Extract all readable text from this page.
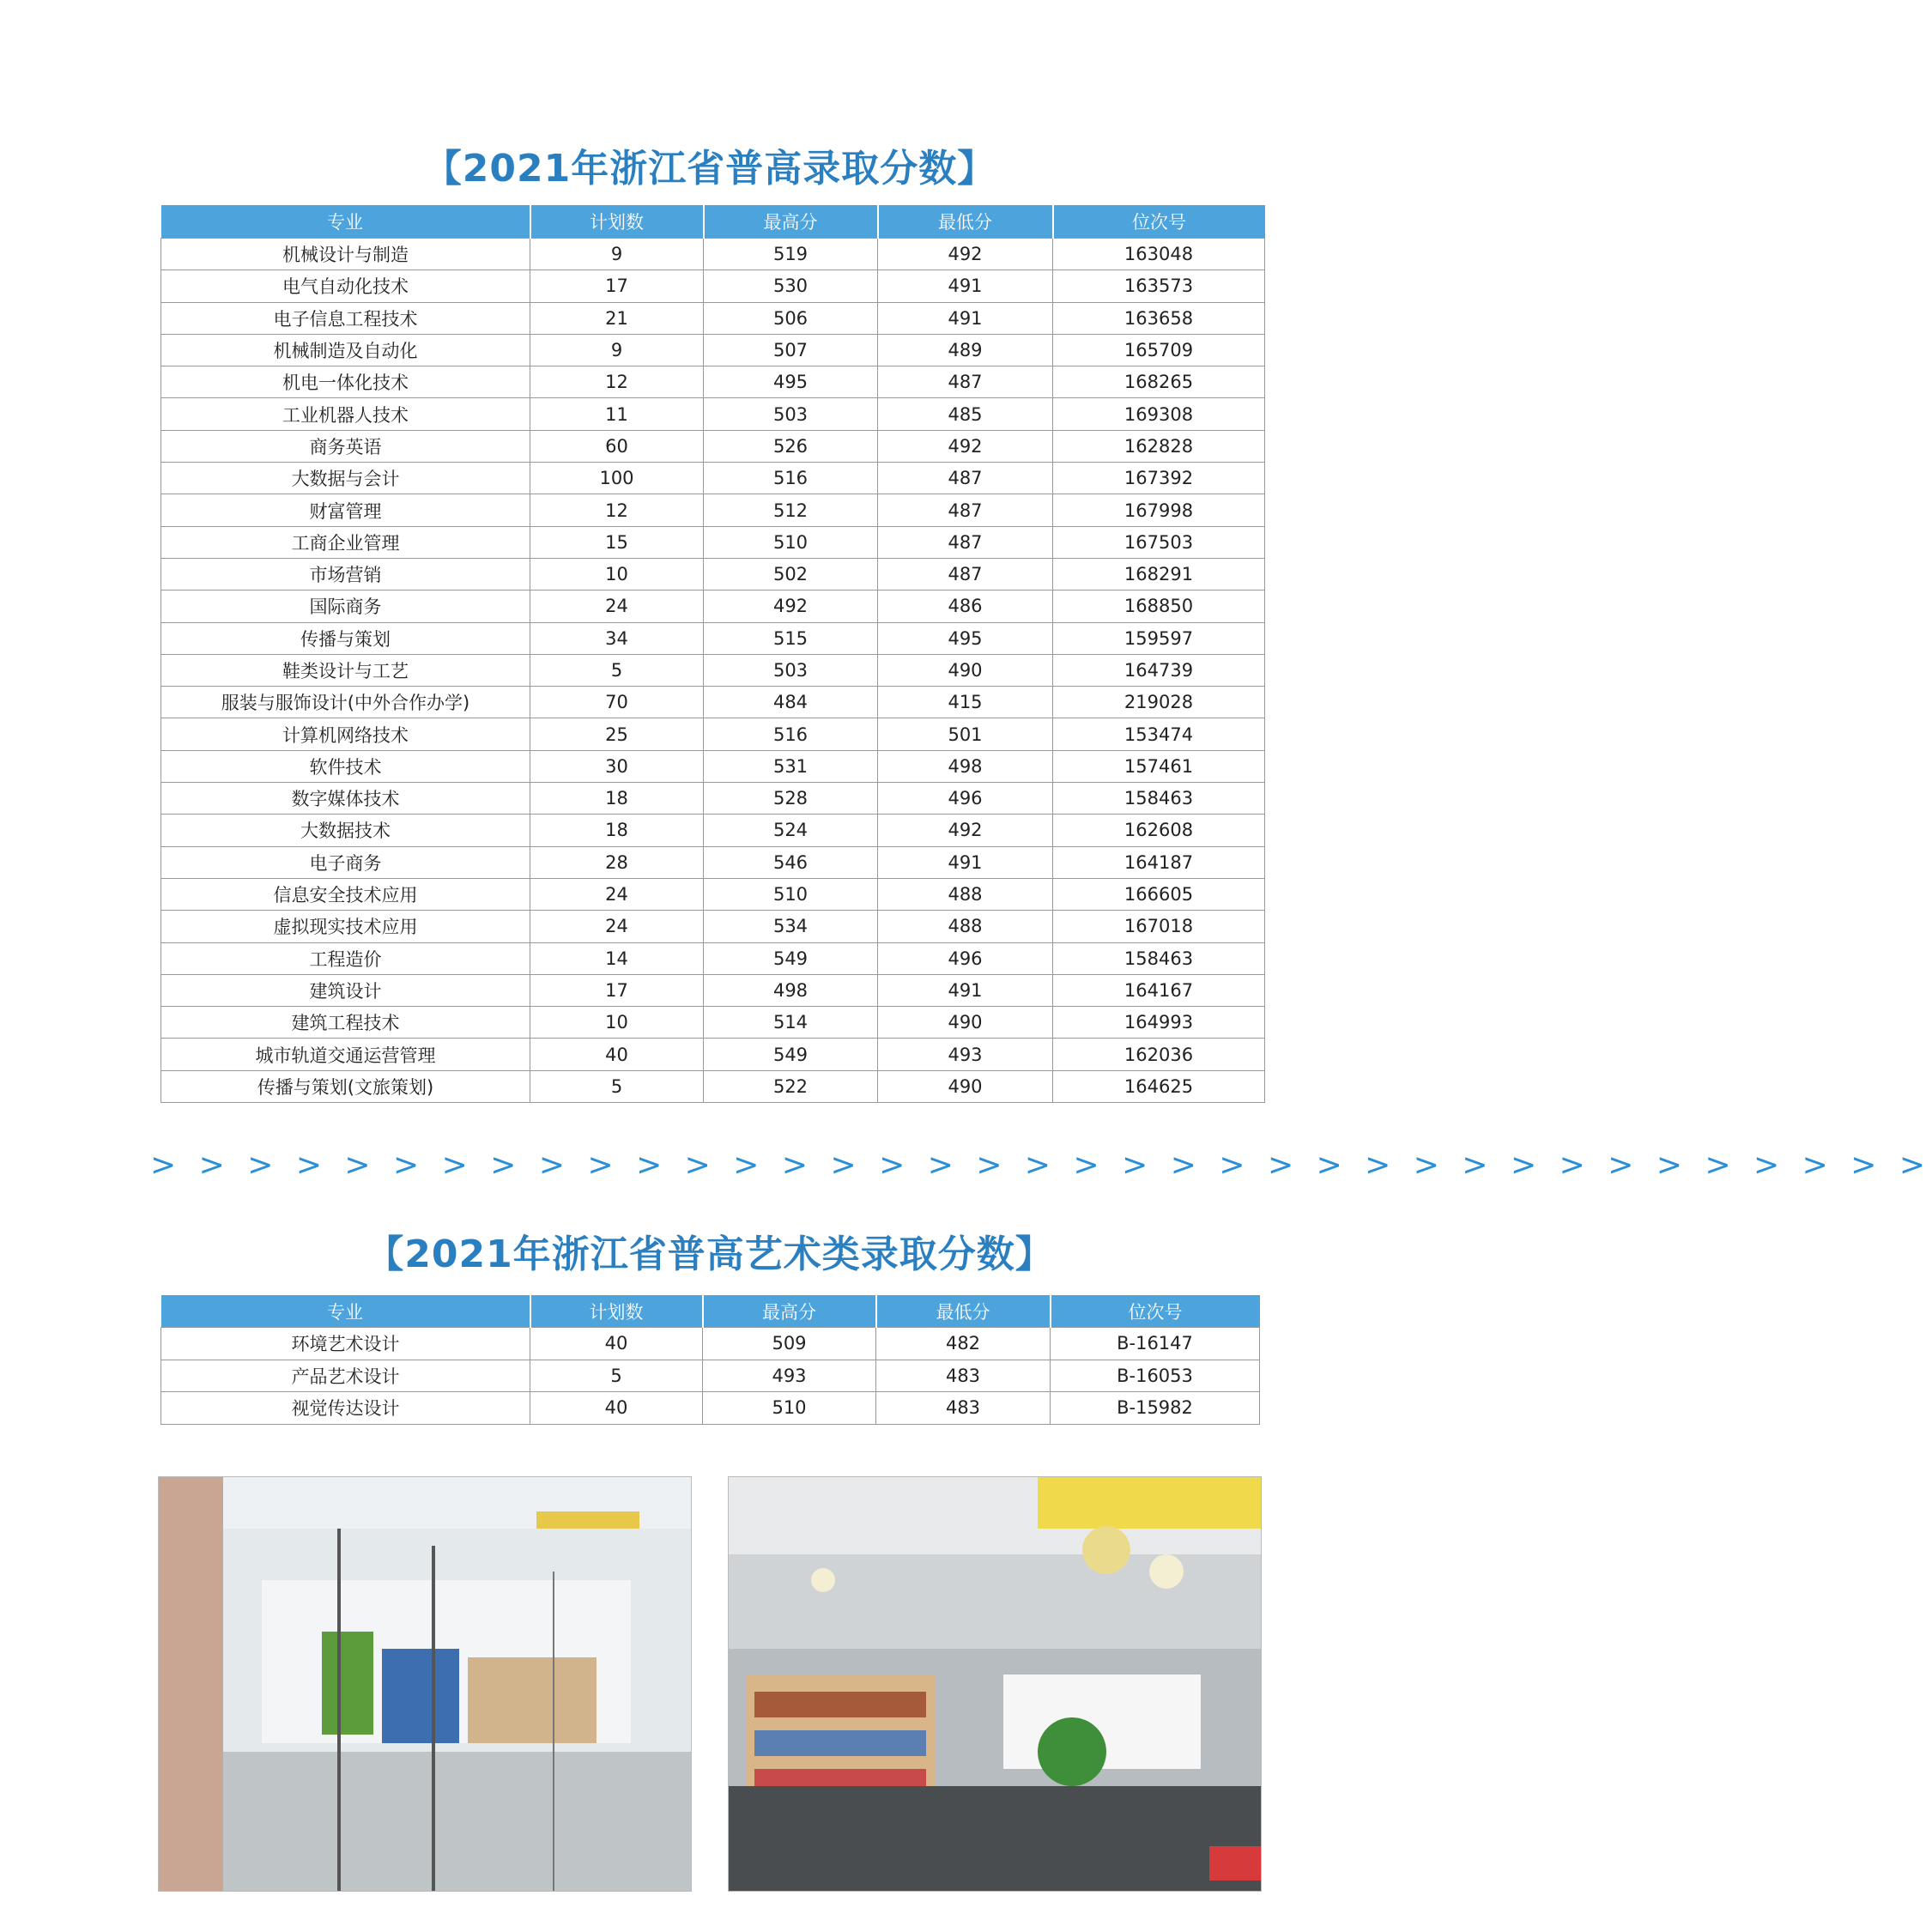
【2021年浙江省普高录取分数】
专业	计划数	最高分	最低分	位次号
机械设计与制造	9	519	492	163048
电气自动化技术	17	530	491	163573
电子信息工程技术	21	506	491	163658
机械制造及自动化	9	507	489	165709
机电一体化技术	12	495	487	168265
工业机器人技术	11	503	485	169308
商务英语	60	526	492	162828
大数据与会计	100	516	487	167392
财富管理	12	512	487	167998
工商企业管理	15	510	487	167503
市场营销	10	502	487	168291
国际商务	24	492	486	168850
传播与策划	34	515	495	159597
鞋类设计与工艺	5	503	490	164739
服装与服饰设计(中外合作办学)	70	484	415	219028
计算机网络技术	25	516	501	153474
软件技术	30	531	498	157461
数字媒体技术	18	528	496	158463
大数据技术	18	524	492	162608
电子商务	28	546	491	164187
信息安全技术应用	24	510	488	166605
虚拟现实技术应用	24	534	488	167018
工程造价	14	549	496	158463
建筑设计	17	498	491	164167
建筑工程技术	10	514	490	164993
城市轨道交通运营管理	40	549	493	162036
传播与策划(文旅策划)	5	522	490	164625
> > > > > > > > > > > > > > > > > > > > > > > > > > > > > > > > > > > > >
【2021年浙江省普高艺术类录取分数】
专业	计划数	最高分	最低分	位次号
环境艺术设计	40	509	482	B-16147
产品艺术设计	5	493	483	B-16053
视觉传达设计	40	510	483	B-15982
